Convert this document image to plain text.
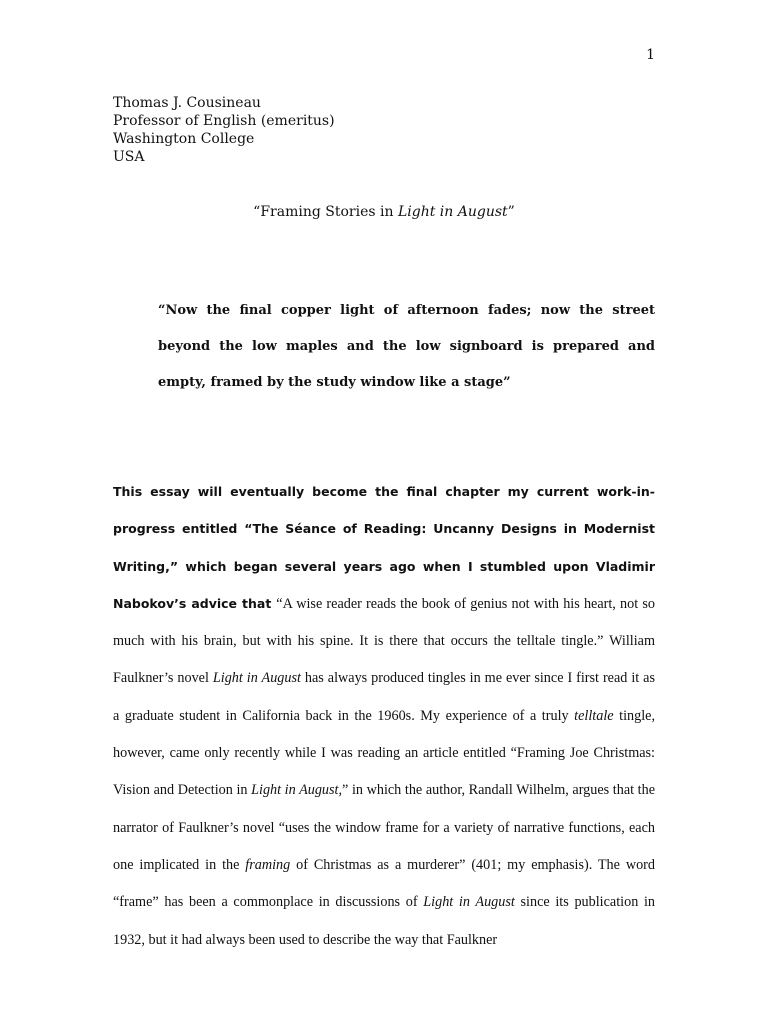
1
Thomas J. Cousineau
Professor of English (emeritus)
Washington College
USA
“Framing Stories in Light in August”
“Now the final copper light of afternoon fades; now the street beyond the low maples and the low signboard is prepared and empty, framed by the study window like a stage”
This essay will eventually become the final chapter my current work-in-progress entitled “The Séance of Reading: Uncanny Designs in Modernist Writing,” which began several years ago when I stumbled upon Vladimir Nabokov’s advice that “A wise reader reads the book of genius not with his heart, not so much with his brain, but with his spine. It is there that occurs the telltale tingle.” William Faulkner’s novel Light in August has always produced tingles in me ever since I first read it as a graduate student in California back in the 1960s. My experience of a truly telltale tingle, however, came only recently while I was reading an article entitled “Framing Joe Christmas: Vision and Detection in Light in August,” in which the author, Randall Wilhelm, argues that the narrator of Faulkner’s novel “uses the window frame for a variety of narrative functions, each one implicated in the framing of Christmas as a murderer” (401; my emphasis). The word “frame” has been a commonplace in discussions of Light in August since its publication in 1932, but it had always been used to describe the way that Faulkner
